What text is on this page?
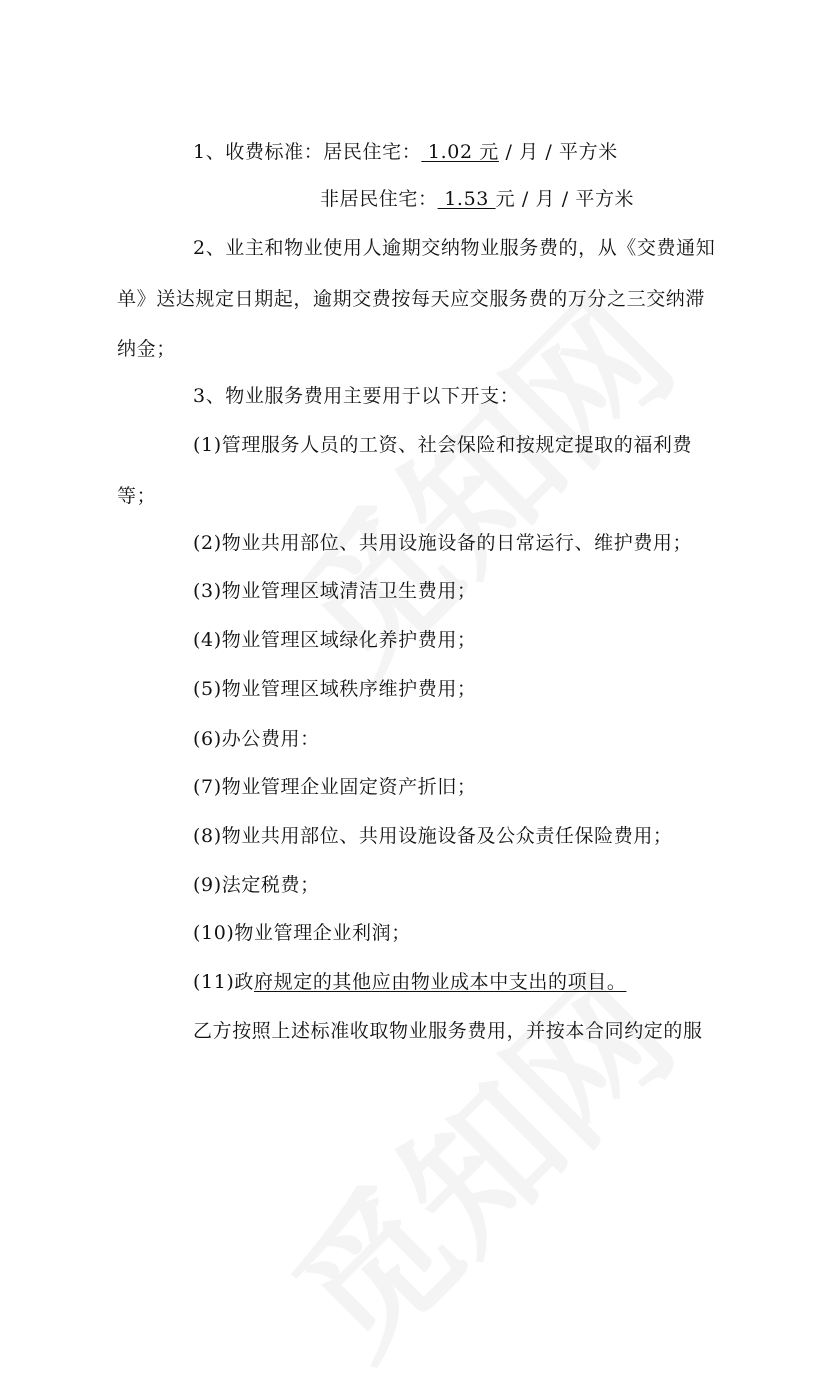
1、收费标准：居民住宅： 1.02 元 / 月 / 平方米
非居民住宅： 1.53 元 / 月 / 平方米
2、业主和物业使用人逾期交纳物业服务费的，从《交费通知
单》送达规定日期起，逾期交费按每天应交服务费的万分之三交纳滞
纳金；
3、物业服务费用主要用于以下开支：
(1)管理服务人员的工资、社会保险和按规定提取的福利费
等；
(2)物业共用部位、共用设施设备的日常运行、维护费用；
(3)物业管理区域清洁卫生费用；
(4)物业管理区域绿化养护费用；
(5)物业管理区域秩序维护费用；
(6)办公费用：
(7)物业管理企业固定资产折旧；
(8)物业共用部位、共用设施设备及公众责任保险费用；
(9)法定税费；
(10)物业管理企业利润；
(11)政府规定的其他应由物业成本中支出的项目。
乙方按照上述标准收取物业服务费用，并按本合同约定的服
